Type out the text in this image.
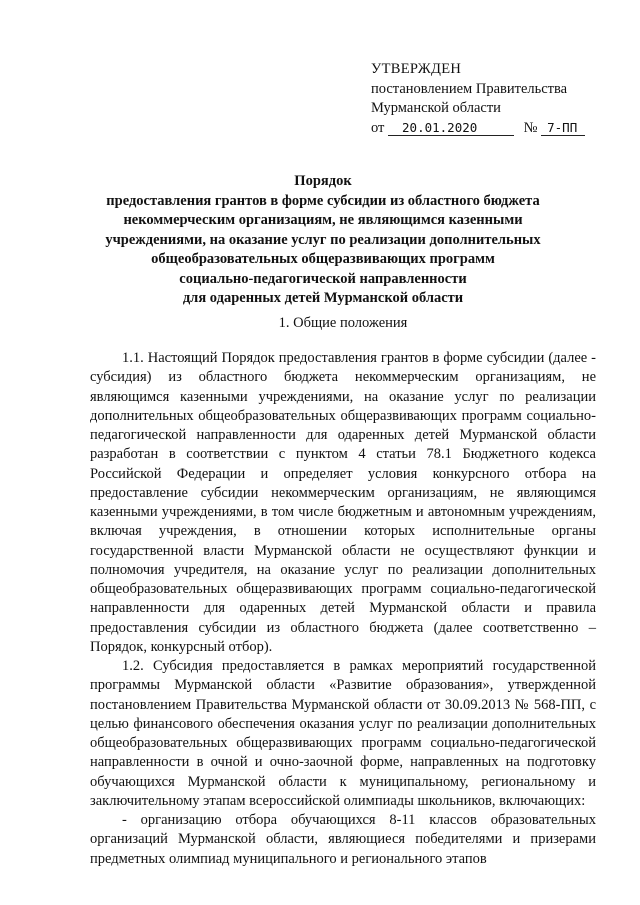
УТВЕРЖДЕН
постановлением Правительства
Мурманской области
от 20.01.2020	№ 7-ПП
Порядок
предоставления грантов в форме субсидии из областного бюджета
некоммерческим организациям, не являющимся казенными
учреждениями, на оказание услуг по реализации дополнительных
общеобразовательных общеразвивающих программ
социально-педагогической направленности
для одаренных детей Мурманской области
1. Общие положения

1.1. Настоящий Порядок предоставления грантов в форме субсидии (далее - субсидия) из областного бюджета некоммерческим организациям, не являющимся казенными учреждениями, на оказание услуг по реализации дополнительных общеобразовательных общеразвивающих программ социально-педагогической направленности для одаренных детей Мурманской области разработан в соответствии с пунктом 4 статьи 78.1 Бюджетного кодекса Российской Федерации и определяет условия конкурсного отбора на предоставление субсидии некоммерческим организациям, не являющимся казенными учреждениями, в том числе бюджетным и автономным учреждениям, включая учреждения, в отношении которых исполнительные органы государственной власти Мурманской области не осуществляют функции и полномочия учредителя, на оказание услуг по реализации дополнительных общеобразовательных общеразвивающих программ социально-педагогической направленности для одаренных детей Мурманской области и правила предоставления субсидии из областного бюджета (далее соответственно – Порядок, конкурсный отбор).

1.2. Субсидия предоставляется в рамках мероприятий государственной программы Мурманской области «Развитие образования», утвержденной постановлением Правительства Мурманской области от 30.09.2013 № 568-ПП, с целью финансового обеспечения оказания услуг по реализации дополнительных общеобразовательных общеразвивающих программ социально-педагогической направленности в очной и очно-заочной форме, направленных на подготовку обучающихся Мурманской области к муниципальному, региональному и заключительному этапам всероссийской олимпиады школьников, включающих:

- организацию отбора обучающихся 8-11 классов образовательных организаций Мурманской области, являющиеся победителями и призерами предметных олимпиад муниципального и регионального этапов
